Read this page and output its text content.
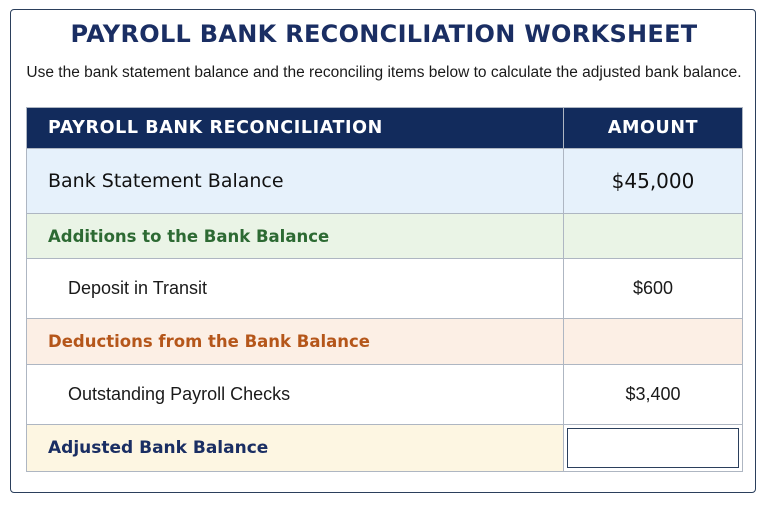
PAYROLL BANK RECONCILIATION WORKSHEET
Use the bank statement balance and the reconciling items below to calculate the adjusted bank balance.
PAYROLL BANK RECONCILIATION	AMOUNT
Bank Statement Balance	$45,000
Additions to the Bank Balance	
Deposit in Transit	$600
Deductions from the Bank Balance	
Outstanding Payroll Checks	$3,400
Adjusted Bank Balance	
